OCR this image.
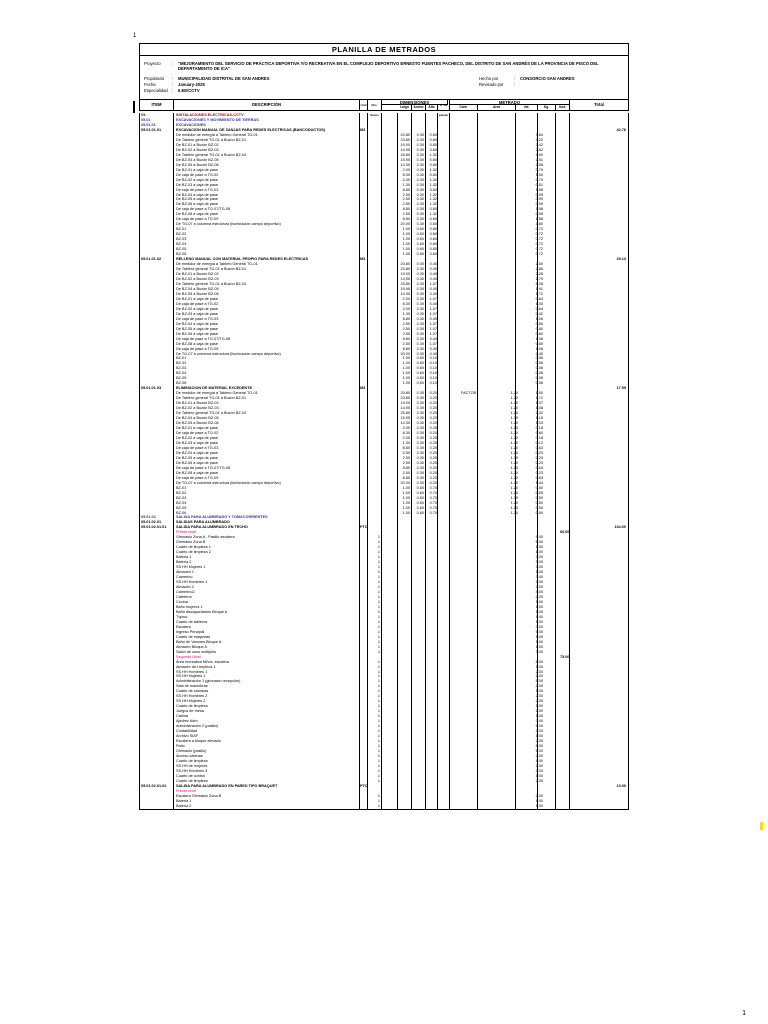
1
PLANILLA DE METRADOS
Proyecto	:	"MEJORAMIENTO DEL SERVICIO DE PRÁCTICA DEPORTIVA Y/O RECREATIVA EN EL COMPLEJO DEPORTIVO ERNESTO FUENTES PACHECO, DEL DISTRITO DE SAN ANDRÉS DE LA PROVINCIA DE PISCO DEL
DEPARTAMENTO DE ICA"
Propietario	:	MUNICIPALIDAD DISTRITAL DE SAN ANDRES
Fecha	:	January-2025
Especialidad	:	II.EE/CCTV
Hecho por	:	CONSORCIO SAN ANDRES
Revisado por	:
ITEM	DESCRIPCIÓN	Und	Nro. Veces
DIMENSIONES
Largo	Ancho	Alto	Nº de piezas
METRADO
Cant.	Área	Vol.	Kg.	Und.	Total
05.	INSTALACIONES ELECTRICAS-CCTV
05.01	EXCAVACIONES Y MOVIMIENTO DE TIERRAS
05.01.01	EXCAVACIONES
05.01.01.01	EXCAVACION MANUAL DE ZANJAS PARA REDES ELECTRICAS (BANCODUCTOS)	M3	42.76
De medidor de energía a Tablero General TG-01	20.80	0.30	0.60	3.64
De Tablero general TG-01 a Buzón BZ-01	23.80	0.30	0.60	4.22
De BZ-01 a Buzón BZ-02	19.00	0.30	0.60	3.42
De BZ-02 a Buzón BZ-03	14.95	0.30	0.60	2.62
De Tablero general TG-01 a Buzón BZ-04	25.80	0.30	1.32	9.90
De BZ-04 a Buzón BZ-05	15.95	0.30	0.60	2.91
De BZ-05 a Buzón BZ-06	14.30	0.30	0.60	2.58
De BZ-01 a caja de pase	2.00	0.30	1.32	0.79
De caja de pase a TG-02	8.30	0.30	0.60	1.50
De BZ-02 a caja de pase	2.00	0.30	1.32	0.79
De BZ-03 a caja de pase	1.30	0.30	1.32	0.51
De caja de pase a TG-03	8.80	0.30	0.60	1.58
De BZ-04 a caja de pase	2.50	0.30	1.32	0.99
De BZ-05 a caja de pase	2.50	0.30	1.32	0.99
De BZ-06 a caja de pase	2.50	0.30	1.32	0.99
De caja de pase a TG-07/TG-08	8.80	0.30	0.60	1.58
De BZ-08 a caja de pase	2.50	0.30	1.32	0.99
De caja de pase a TG-09	8.80	0.30	0.60	1.58
De TG-07 a columna estructura (iluminación campo deportivo)	20.00	0.30	0.60	3.60
BZ-01	1.00	0.60	0.60	0.72
BZ-02	1.00	0.60	0.60	0.72
BZ-03	1.00	0.60	0.60	0.72
BZ-04	1.00	0.60	0.60	0.72
BZ-05	1.00	0.60	0.60	0.72
BZ-06	1.00	0.60	0.60	0.72
05.01.01.02	RELLENO MANUAL CON MATERIAL PROPIO PARA REDES ELECTRICAS	M3	29.13
De medidor de energía a Tablero General TG-01	20.80	0.30	0.40	2.50
De Tablero general TG-01 a Buzón BZ-01	23.80	0.30	0.40	2.86
De BZ-01 a Buzón BZ-02	19.00	0.30	0.40	2.28
De BZ-02 a Buzón BZ-03	14.95	0.30	0.40	1.79
De Tablero general TG-01 a Buzón BZ-04	25.80	0.30	1.07	8.28
De BZ-04 a Buzón BZ-05	15.95	0.30	0.40	1.91
De BZ-05 a Buzón BZ-06	14.30	0.30	0.40	1.72
De BZ-01 a caja de pase	2.00	0.30	1.07	0.64
De caja de pase a TG-02	8.30	0.30	0.40	1.00
De BZ-02 a caja de pase	2.00	0.30	1.07	0.64
De BZ-03 a caja de pase	1.30	0.30	1.07	0.42
De caja de pase a TG-03	8.80	0.30	0.40	1.06
De BZ-04 a caja de pase	2.50	0.30	1.07	0.80
De BZ-05 a caja de pase	2.50	0.30	1.07	0.80
De BZ-06 a caja de pase	2.50	0.30	1.07	0.80
De caja de pase a TG-07/TG-08	8.80	0.30	0.40	1.06
De BZ-08 a caja de pase	2.50	0.30	1.07	0.80
De caja de pase a TG-09	8.80	0.30	0.40	1.06
De TG-07 a columna estructura (iluminación campo deportivo)	20.00	0.30	0.40	2.40
BZ-01	1.00	0.60	0.10	0.06
BZ-02	1.00	0.60	0.10	0.06
BZ-03	1.00	0.60	0.10	0.06
BZ-04	1.00	0.60	0.10	0.06
BZ-05	1.00	0.60	0.10	0.06
BZ-06	1.00	0.60	0.10	0.06
05.01.01.03	ELIMINACION DE MATERIAL EXCEDENTE	M3	17.99
De medidor de energía a Tablero General TG-01	20.80	0.30	0.20	FACTOR	1.20	1.50
De Tablero general TG-01 a Buzón BZ-01	23.80	0.30	0.20	1.20	1.71
De BZ-01 a Buzón BZ-02	19.00	0.30	0.20	1.20	1.37
De BZ-02 a Buzón BZ-03	14.95	0.30	0.20	1.20	1.08
De Tablero general TG-01 a Buzón BZ-04	25.80	0.30	0.25	1.20	2.32
De BZ-04 a Buzón BZ-05	15.95	0.30	0.20	1.20	1.15
De BZ-05 a Buzón BZ-06	14.30	0.30	0.20	1.20	1.03
De BZ-01 a caja de pase	2.00	0.30	0.25	1.20	0.18
De caja de pase a TG-02	8.30	0.30	0.20	1.20	0.60
De BZ-02 a caja de pase	2.00	0.30	0.25	1.20	0.18
De BZ-03 a caja de pase	1.30	0.30	0.25	1.20	0.12
De caja de pase a TG-03	8.80	0.30	0.20	1.20	0.63
De BZ-04 a caja de pase	2.50	0.30	0.25	1.20	0.23
De BZ-05 a caja de pase	2.50	0.30	0.25	1.20	0.23
De BZ-06 a caja de pase	2.50	0.30	0.25	1.20	0.23
De caja de pase a TG-07/TG-08	8.80	0.30	0.20	1.20	0.63
De BZ-08 a caja de pase	2.50	0.30	0.25	1.20	0.23
De caja de pase a TG-09	8.80	0.30	0.20	1.20	0.63
De TG-07 a columna estructura (iluminación campo deportivo)	20.00	0.30	0.20	1.20	1.44
BZ-01	1.00	0.60	0.70	1.20	0.50
BZ-02	1.00	0.60	0.70	1.20	0.50
BZ-03	1.00	0.60	0.70	1.20	0.50
BZ-04	1.00	0.60	0.70	1.20	0.50
BZ-05	1.00	0.60	0.70	1.20	0.50
BZ-06	1.00	0.60	0.70	1.20	0.50
05.01.02	SALIDA PARA ALUMBRADO Y TOMACORRIENTES
05.01.02.01	SALIDAS PARA ALUMBRADO
05.01.02.01.01	SALIDA PARA ALUMBRADO EN TECHO	PTO	134.00
Primer nivel	66.00
Gimnasio Zona A , Pasillo escalera	1	9.00
Gimnasio Zona B	1	6.00
Cuarto de limpieza 1	1	1.00
Cuarto de limpieza 2	1	1.00
Batería 1	1	3.00
Batería 2	1	3.00
SS.HH Mujeres 1	1	3.00
Almacén 1	1	1.00
Camerino	1	3.00
SS.HH Hombres 1	1	4.00
Almacén 2	1	2.00
Camerino2	1	4.00
Cafetería	1	2.00
Cocina	1	1.00
Baño mujeres 1	1	1.00
Baño discapacitados Bloque A	1	1.00
Tópico	1	1.00
Cuarto de tableros	1	1.00
Escalera	1	3.00
Ingreso Principal	1	6.00
Cuarto de máquinas	1	1.00
Baño de Varones Bloque A	1	1.00
Almacén Bloque A	1	1.00
Salón de usos múltiples	1	3.00
Segundo Nivel	75.00
Área recreativa Niños, escalera	1	8.00
Almacén de Limpieza 1	1	1.00
SS.HH Hombres 1	1	2.00
SS.HH Mujeres 1	1	2.00
Administración 1 (gimnasio recepción)	1	6.00
Sala de maniobras	1	2.00
Cuarto de cámaras	1	1.00
SS.HH Hombres 2	1	2.00
SS.HH Mujeres 2	1	2.00
Cuarto de limpieza	1	1.00
Juegos de mesa	1	2.00
Cabina	1	1.00
Ajedrez Adm.	1	3.00
Administración 2 (pasillo)	1	6.00
Contabilidad	1	2.00
Archivo SIAF	1	1.00
Escalera a bloque elevado	1	2.00
Patio	1	8.00
Gimnasio (pasillo)	1	6.00
Acceso cabinas	1	2.00
Cuarto de limpieza	1	1.00
SS.HH de mujeres	1	2.00
SS.HH Hombres 3	1	2.00
Cuarto de control	1	1.00
Cuarto de limpieza	1	2.00
05.01.02.01.02	SALIDA PARA ALUMBRADO EN PARED TIPO BRAQUET	PTO	13.00
Primer nivel
Escalera Gimnasio Zona B	1	2.00
Batería 1	1	1.00
Batería 2	1	1.00
1
